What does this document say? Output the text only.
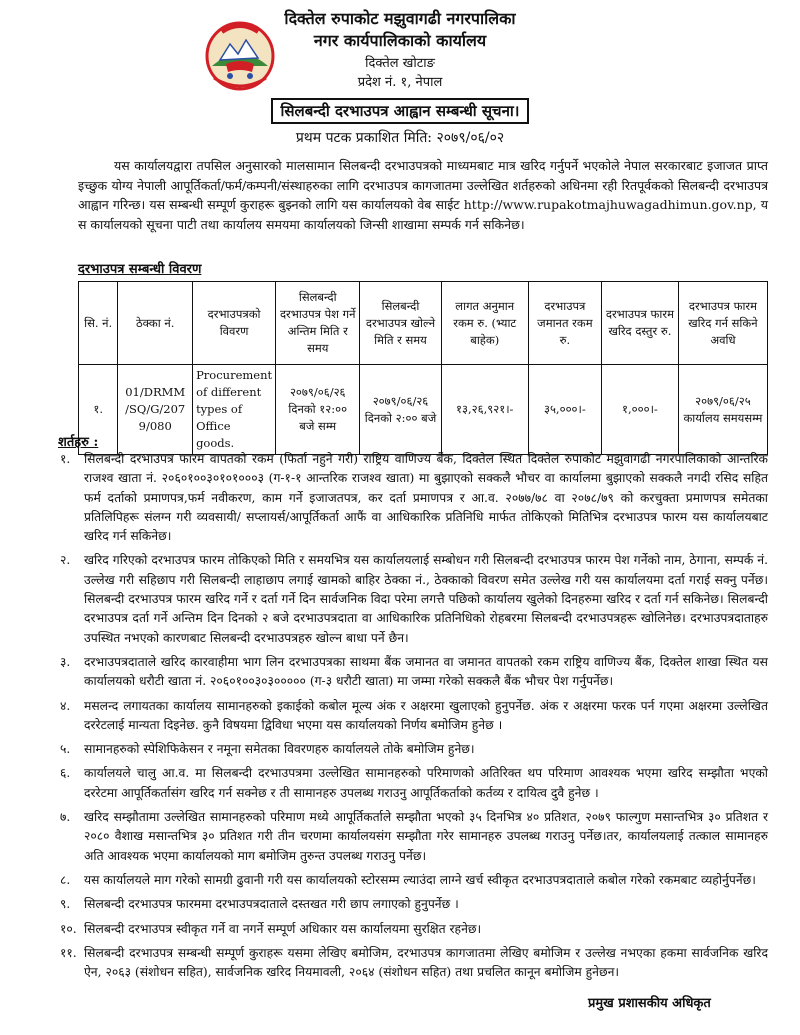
दिक्तेल रुपाकोट मझुवागढी नगरपालिका
नगर कार्यपालिकाको कार्यालय
दिक्तेल खोटाङ
प्रदेश नं. १, नेपाल
सिलबन्दी दरभाउपत्र आह्वान सम्बन्धी सूचना।
प्रथम पटक प्रकाशित मिति: २०७९/०६/०२
यस कार्यालयद्वारा तपसिल अनुसारको मालसामान सिलबन्दी दरभाउपत्रको माध्यमबाट मात्र खरिद गर्नुपर्ने भएकोले नेपाल सरकारबाट इजाजत प्राप्त इच्छुक योग्य नेपाली आपूर्तिकर्ता/फर्म/कम्पनी/संस्थाहरुका लागि दरभाउपत्र कागजातमा उल्लेखित शर्तहरुको अधिनमा रही रितपूर्वकको सिलबन्दी दरभाउपत्र आह्वान गरिन्छ। यस सम्बन्धी सम्पूर्ण कुराहरू बुझ्नको लागि यस कार्यालयको वेब साईट http://www.rupakotmajhuwagadhimun.gov.np, यस कार्यालयको सूचना पाटी तथा कार्यालय समयमा कार्यालयको जिन्सी शाखामा सम्पर्क गर्न सकिनेछ।
दरभाउपत्र सम्बन्धी विवरण
सि. नं.	ठेक्का नं.	दरभाउपत्रको विवरण	सिलबन्दी दरभाउपत्र पेश गर्ने अन्तिम मिति र समय	सिलबन्दी दरभाउपत्र खोल्ने मिति र समय	लागत अनुमान रकम रु. (भ्याट बाहेक)	दरभाउपत्र जमानत रकम रु.	दरभाउपत्र फारम खरिद दस्तुर रु.	दरभाउपत्र फारम खरिद गर्न सकिने अवधि
१.	01/DRMM /SQ/G/207 9/080	Procurement of different types of Office goods.	२०७९/०६/२६ दिनको १२:०० बजे सम्म	२०७९/०६/२६ दिनको २:०० बजे	१३,२६,९२१।-	३५,०००।-	१,०००।-	२०७९/०६/२५ कार्यालय समयसम्म
शर्तहरु :
१.	सिलबन्दी दरभाउपत्र फारम वापतको रकम (फिर्ता नहुने गरी) राष्ट्रिय वाणिज्य बैंक, दिक्तेल स्थित दिक्तेल रुपाकोट मझुवागढी नगरपालिकाको आन्तरिक राजश्व खाता नं. २०६०१००३०१०१०००३ (ग-१-१ आन्तरिक राजश्व खाता) मा बुझाएको सक्कलै भौचर वा कार्यालमा बुझाएको सक्कलै नगदी रसिद सहित फर्म दर्ताको प्रमाणपत्र,फर्म नवीकरण, काम गर्ने इजाजतपत्र, कर दर्ता प्रमाणपत्र र आ.व. २०७७/७८ वा २०७८/७९ को करचुक्ता प्रमाणपत्र समेतका प्रतिलिपिहरू संलग्न गरी व्यवसायी/ सप्लायर्स/आपूर्तिकर्ता आफैं वा आधिकारिक प्रतिनिधि मार्फत तोकिएको मितिभित्र दरभाउपत्र फारम यस कार्यालयबाट खरिद गर्न सकिनेछ।
२.	खरिद गरिएको दरभाउपत्र फारम तोकिएको मिति र समयभित्र यस कार्यालयलाई सम्बोधन गरी सिलबन्दी दरभाउपत्र फारम पेश गर्नेको नाम, ठेगाना, सम्पर्क नं. उल्लेख गरी सहिछाप गरी सिलबन्दी लाहाछाप लगाई खामको बाहिर ठेक्का नं., ठेक्काको विवरण समेत उल्लेख गरी यस कार्यालयमा दर्ता गराई सक्नु पर्नेछ। सिलबन्दी दरभाउपत्र फारम खरिद गर्ने र दर्ता गर्ने दिन सार्वजनिक विदा परेमा लगत्तै पछिको कार्यालय खुलेको दिनहरुमा खरिद र दर्ता गर्न सकिनेछ। सिलबन्दी दरभाउपत्र दर्ता गर्ने अन्तिम दिन दिनको २ बजे दरभाउपत्रदाता वा आधिकारिक प्रतिनिधिको रोहबरमा सिलबन्दी दरभाउपत्रहरू खोलिनेछ। दरभाउपत्रदाताहरु उपस्थित नभएको कारणबाट सिलबन्दी दरभाउपत्रहरु खोल्न बाधा पर्ने छैन।
३.	दरभाउपत्रदाताले खरिद कारवाहीमा भाग लिन दरभाउपत्रका साथमा बैंक जमानत वा जमानत वापतको रकम राष्ट्रिय वाणिज्य बैंक, दिक्तेल शाखा स्थित यस कार्यालयको धरौटी खाता नं. २०६०१००३०३००००० (ग-३ धरौटी खाता) मा जम्मा गरेको सक्कलै बैंक भौचर पेश गर्नुपर्नेछ।
४.	मसलन्द लगायतका कार्यालय सामानहरुको इकाईको कबोल मूल्य अंक र अक्षरमा खुलाएको हुनुपर्नेछ. अंक र अक्षरमा फरक पर्न गएमा अक्षरमा उल्लेखित दररेटलाई मान्यता दिइनेछ. कुनै विषयमा द्विविधा भएमा यस कार्यालयको निर्णय बमोजिम हुनेछ ।
५.	सामानहरुको स्पेशिफिकेसन र नमूना समेतका विवरणहरु कार्यालयले तोके बमोजिम हुनेछ।
६.	कार्यालयले चालु आ.व. मा सिलबन्दी दरभाउपत्रमा उल्लेखित सामानहरुको परिमाणको अतिरिक्त थप परिमाण आवश्यक भएमा खरिद सम्झौता भएको दररेटमा आपूर्तिकर्तासंग खरिद गर्न सक्नेछ र ती सामानहरु उपलब्ध गराउनु आपूर्तिकर्ताको कर्तव्य र दायित्व दुवै हुनेछ ।
७.	खरिद सम्झौतामा उल्लेखित सामानहरुको परिमाण मध्ये आपूर्तिकर्ताले सम्झौता भएको ३५ दिनभित्र ४० प्रतिशत, २०७९ फाल्गुण मसान्तभित्र ३० प्रतिशत र २०८० वैशाख मसान्तभित्र ३० प्रतिशत गरी तीन चरणमा कार्यालयसंग सम्झौता गरेर सामानहरु उपलब्ध गराउनु पर्नेछ।तर, कार्यालयलाई तत्काल सामानहरु अति आवश्यक भएमा कार्यालयको माग बमोजिम तुरुन्त उपलब्ध गराउनु पर्नेछ।
८.	यस कार्यालयले माग गरेको सामग्री ढुवानी गरी यस कार्यालयको स्टोरसम्म ल्याउंदा लाग्ने खर्च स्वीकृत दरभाउपत्रदाताले कबोल गरेको रकमबाट व्यहोर्नुपर्नेछ।
९.	सिलबन्दी दरभाउपत्र फारममा दरभाउपत्रदाताले दस्तखत गरी छाप लगाएको हुनुपर्नेछ ।
१०. सिलबन्दी दरभाउपत्र स्वीकृत गर्ने वा नगर्ने सम्पूर्ण अधिकार यस कार्यालयमा सुरक्षित रहनेछ।
११. सिलबन्दी दरभाउपत्र सम्बन्धी सम्पूर्ण कुराहरू यसमा लेखिए बमोजिम, दरभाउपत्र कागजातमा लेखिए बमोजिम र उल्लेख नभएका हकमा सार्वजनिक खरिद ऐन, २०६३ (संशोधन सहित), सार्वजनिक खरिद नियमावली, २०६४ (संशोधन सहित) तथा प्रचलित कानून बमोजिम हुनेछन।
प्रमुख प्रशासकीय अधिकृत
